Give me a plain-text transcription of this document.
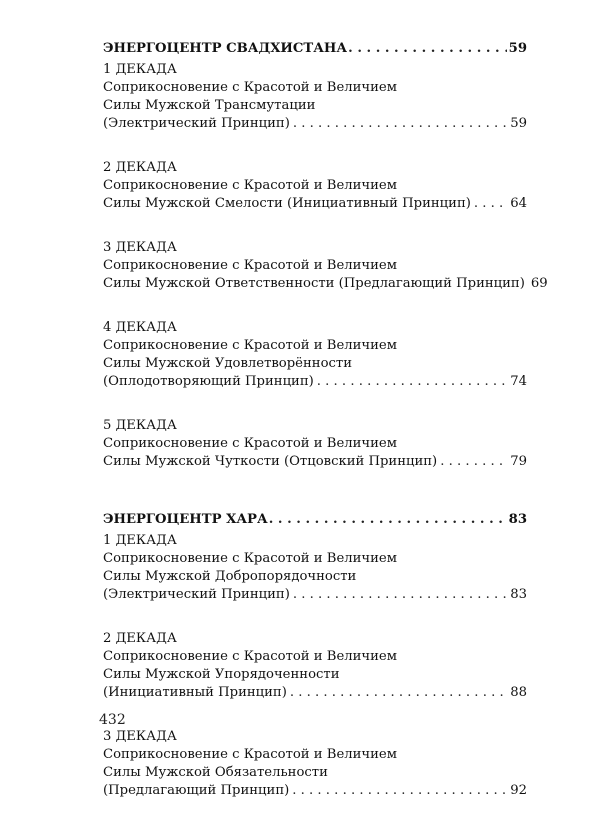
ЭНЕРГОЦЕНТР СВАДХИСТАНА . . .	59
1 ДЕКАДА
Соприкосновение с Красотой и Величием
Силы Мужской Трансмутации
(Электрический Принцип) . . .	59
2 ДЕКАДА
Соприкосновение с Красотой и Величием
Силы Мужской Смелости (Инициативный Принцип) . . .	64
3 ДЕКАДА
Соприкосновение с Красотой и Величием
Силы Мужской Ответственности (Предлагающий Принцип) 69
4 ДЕКАДА
Соприкосновение с Красотой и Величием
Силы Мужской Удовлетворённости
(Оплодотворяющий Принцип) . . .	74
5 ДЕКАДА
Соприкосновение с Красотой и Величием
Силы Мужской Чуткости (Отцовский Принцип) . . .	79
ЭНЕРГОЦЕНТР ХАРА . . .	83
1 ДЕКАДА
Соприкосновение с Красотой и Величием
Силы Мужской Добропорядочности
(Электрический Принцип) . . .	83
2 ДЕКАДА
Соприкосновение с Красотой и Величием
Силы Мужской Упорядоченности
(Инициативный Принцип) . . .	88
3 ДЕКАДА
Соприкосновение с Красотой и Величием
Силы Мужской Обязательности
(Предлагающий Принцип) . . .	92
432
